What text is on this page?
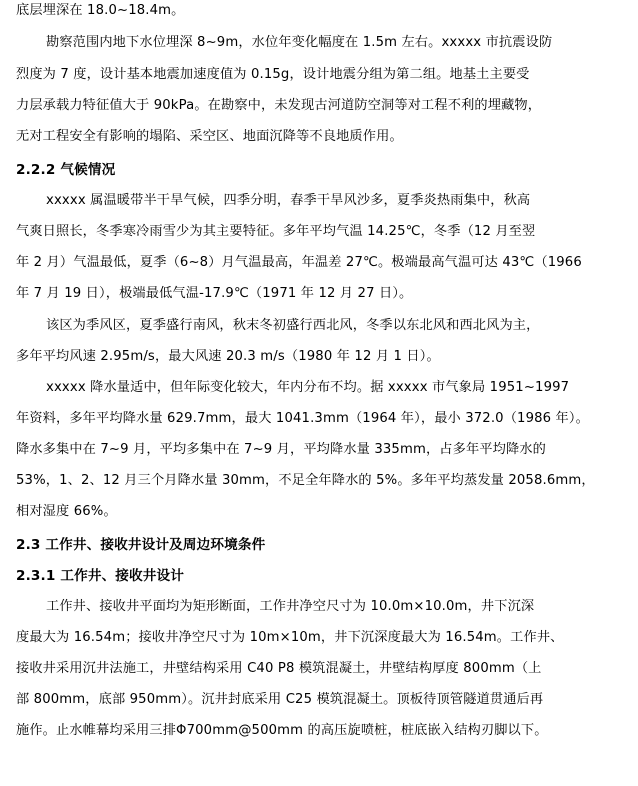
底层埋深在 18.0~18.4m。
勘察范围内地下水位埋深 8~9m，水位年变化幅度在 1.5m 左右。xxxxx 市抗震设防
烈度为 7 度，设计基本地震加速度值为 0.15g，设计地震分组为第二组。地基土主要受
力层承载力特征值大于 90kPa。在勘察中，未发现古河道防空洞等对工程不利的埋藏物，
无对工程安全有影响的塌陷、采空区、地面沉降等不良地质作用。
2.2.2 气候情况
xxxxx 属温暖带半干旱气候，四季分明，春季干旱风沙多，夏季炎热雨集中，秋高
气爽日照长，冬季寒冷雨雪少为其主要特征。多年平均气温 14.25℃，冬季（12 月至翌
年 2 月）气温最低，夏季（6~8）月气温最高，年温差 27℃。极端最高气温可达 43℃（1966
年 7 月 19 日），极端最低气温-17.9℃（1971 年 12 月 27 日）。
该区为季风区，夏季盛行南风，秋末冬初盛行西北风，冬季以东北风和西北风为主，
多年平均风速 2.95m/s，最大风速 20.3 m/s（1980 年 12 月 1 日）。
xxxxx 降水量适中，但年际变化较大，年内分布不均。据 xxxxx 市气象局 1951~1997
年资料，多年平均降水量 629.7mm，最大 1041.3mm（1964 年），最小 372.0（1986 年）。
降水多集中在 7~9 月，平均多集中在 7~9 月，平均降水量 335mm，占多年平均降水的
53%，1、2、12 月三个月降水量 30mm，不足全年降水的 5%。多年平均蒸发量 2058.6mm，
相对湿度 66%。
2.3 工作井、接收井设计及周边环境条件
2.3.1 工作井、接收井设计
工作井、接收井平面均为矩形断面，工作井净空尺寸为 10.0m×10.0m，井下沉深
度最大为 16.54m；接收井净空尺寸为 10m×10m，井下沉深度最大为 16.54m。工作井、
接收井采用沉井法施工，井壁结构采用 C40 P8 模筑混凝土，井壁结构厚度 800mm（上
部 800mm，底部 950mm）。沉井封底采用 C25 模筑混凝土。顶板待顶管隧道贯通后再
施作。止水帷幕均采用三排Φ700mm@500mm 的高压旋喷桩，桩底嵌入结构刃脚以下。
